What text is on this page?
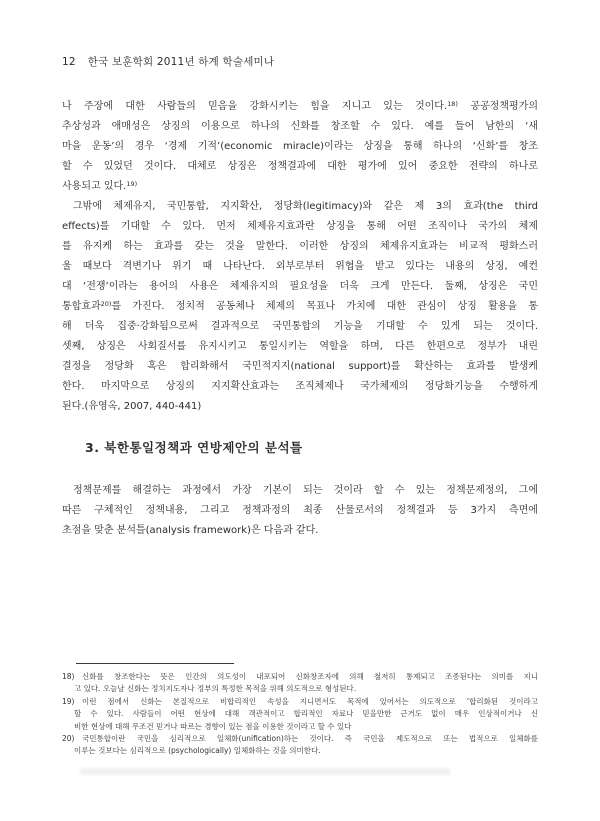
12 한국 보훈학회 2011년 하계 학술세미나
나 주장에 대한 사람들의 믿음을 강화시키는 힘을 지니고 있는 것이다.$^{18)}$ 공공정책평가의
추상성과 애매성은 상징의 이용으로 하나의 신화를 창조할 수 있다. 예를 들어 남한의 ‘새
마을 운동’의 경우 ‘경제 기적’(economic miracle)이라는 상징을 통해 하나의 ‘신화’를 창조
할 수 있었던 것이다. 대체로 상징은 정책결과에 대한 평가에 있어 중요한 전략의 하나로
사용되고 있다.$^{19)}$
그밖에 체제유지, 국민통합, 지지확산, 정당화(legitimacy)와 같은 제 3의 효과(the third
effects)를 기대할 수 있다. 먼저 체제유지효과란 상징을 통해 어떤 조직이나 국가의 체제
를 유지케 하는 효과를 갖는 것을 말한다. 이러한 상징의 체제유지효과는 비교적 평화스러
울 때보다 격변기나 위기 때 나타난다. 외부로부터 위협을 받고 있다는 내용의 상징, 예컨
대 ‘전쟁’이라는 용어의 사용은 체제유지의 필요성을 더욱 크게 만든다. 둘째, 상징은 국민
통합효과$^{20)}$를 가진다. 정치적 공동체나 체제의 목표나 가치에 대한 관심이 상징 활용을 통
해 더욱 집중·강화됨으로써 결과적으로 국민통합의 기능을 기대할 수 있게 되는 것이다.
셋째, 상징은 사회질서를 유지시키고 통일시키는 역할을 하며, 다른 한편으로 정부가 내린
결정을 정당화 혹은 합리화해서 국민적지지(national support)를 확산하는 효과를 발생케
한다. 마지막으로 상징의 지지확산효과는 조직체제나 국가체제의 정당화기능을 수행하게
된다.(유영옥, 2007, 440-441)
3. 북한통일정책과 연방제안의 분석틀
정책문제를 해결하는 과정에서 가장 기본이 되는 것이라 할 수 있는 정책문제정의, 그에
따른 구체적인 정책내용, 그리고 정책과정의 최종 산물로서의 정책결과 등 3가지 측면에
초점을 맞춘 분석틀(analysis framework)은 다음과 같다.
18) 신화를 창조한다는 뜻은 인간의 의도성이 내포되어 신화창조자에 의해 철저히 통제되고 조종된다는 의미를 지니
고 있다. 오늘날 신화는 정치지도자나 정부의 특정한 목적을 위해 의도적으로 형성된다.
19) 이런 점에서 신화는 본질적으로 비합리적인 속성을 지니면서도 목적에 있어서는 의도적으로 ‘합리화된 것이라고
할 수 있다. 사람들이 어떤 현상에 대해 객관적이고 합리적인 자료나 믿을만한 근거도 없이 매우 인상적이거나 신
비한 현상에 대해 무조건 믿거나 따르는 경향이 있는 점을 이용한 것이라고 할 수 있다
20) 국민통합이란 국민을 심리적으로 일체화(unification)하는 것이다. 즉 국민을 제도적으로 또는 법적으로 일체화를
이루는 것보다는 심리적으로 (psychologically) 일체화하는 것을 의미한다.
